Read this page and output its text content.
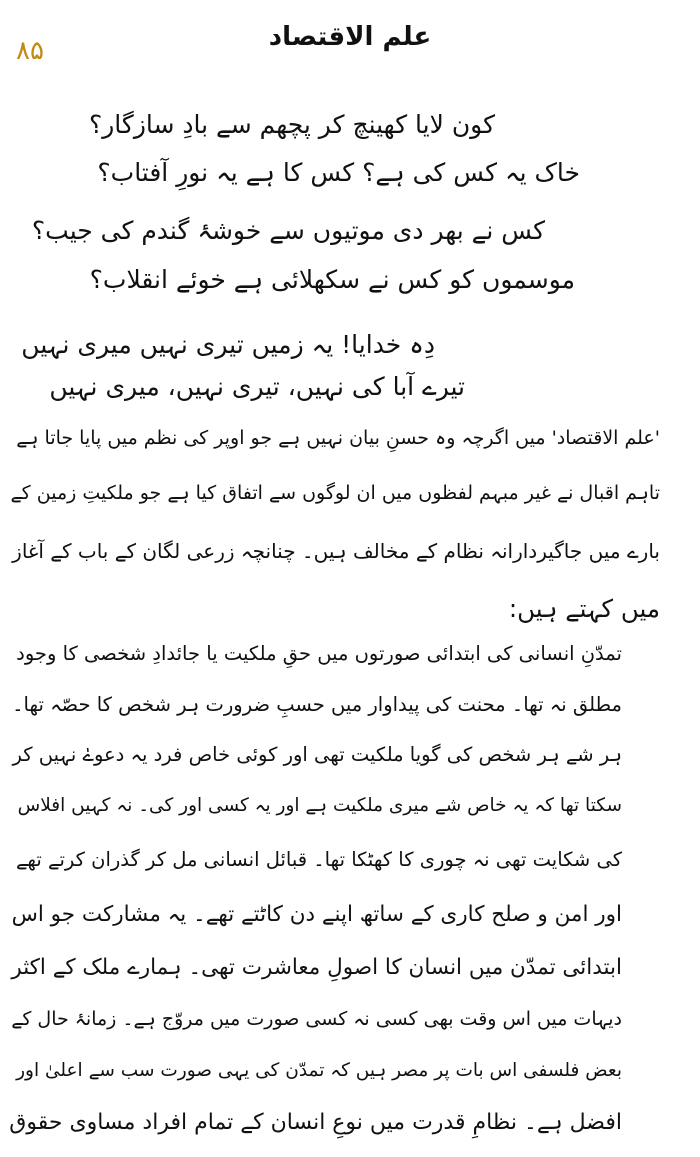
۸۵	علم الاقتصاد
کون لایا کھینچ کر پچھم سے بادِ سازگار؟
خاک یہ کس کی ہے؟ کس کا ہے یہ نورِ آفتاب؟
کس نے بھر دی موتیوں سے خوشۂ گندم کی جیب؟
موسموں کو کس نے سکھلائی ہے خوئے انقلاب؟
دِہ خدایا! یہ زمیں تیری نہیں میری نہیں
تیرے آبا کی نہیں، تیری نہیں، میری نہیں
'علم الاقتصاد' میں اگرچہ وہ حسنِ بیان نہیں ہے جو اوپر کی نظم میں پایا جاتا ہے
تاہم اقبال نے غیر مبہم لفظوں میں ان لوگوں سے اتفاق کیا ہے جو ملکیتِ زمین کے
بارے میں جاگیردارانہ نظام کے مخالف ہیں۔ چنانچہ زرعی لگان کے باب کے آغاز
میں کہتے ہیں:
تمدّنِ انسانی کی ابتدائی صورتوں میں حقِ ملکیت یا جائدادِ شخصی کا وجود
مطلق نہ تھا۔ محنت کی پیداوار میں حسبِ ضرورت ہر شخص کا حصّہ تھا۔
ہر شے ہر شخص کی گویا ملکیت تھی اور کوئی خاص فرد یہ دعوےٰ نہیں کر
سکتا تھا کہ یہ خاص شے میری ملکیت ہے اور یہ کسی اور کی۔ نہ کہیں افلاس
کی شکایت تھی نہ چوری کا کھٹکا تھا۔ قبائل انسانی مل کر گذران کرتے تھے
اور امن و صلح کاری کے ساتھ اپنے دن کاٹتے تھے۔ یہ مشارکت جو اس
ابتدائی تمدّن میں انسان کا اصولِ معاشرت تھی۔ ہمارے ملک کے اکثر
دیہات میں اس وقت بھی کسی نہ کسی صورت میں مروّج ہے۔ زمانۂ حال کے
بعض فلسفی اس بات پر مصر ہیں کہ تمدّن کی یہی صورت سب سے اعلیٰ اور
افضل ہے۔ نظامِ قدرت میں نوعِ انسان کے تمام افراد مساوی حقوق
